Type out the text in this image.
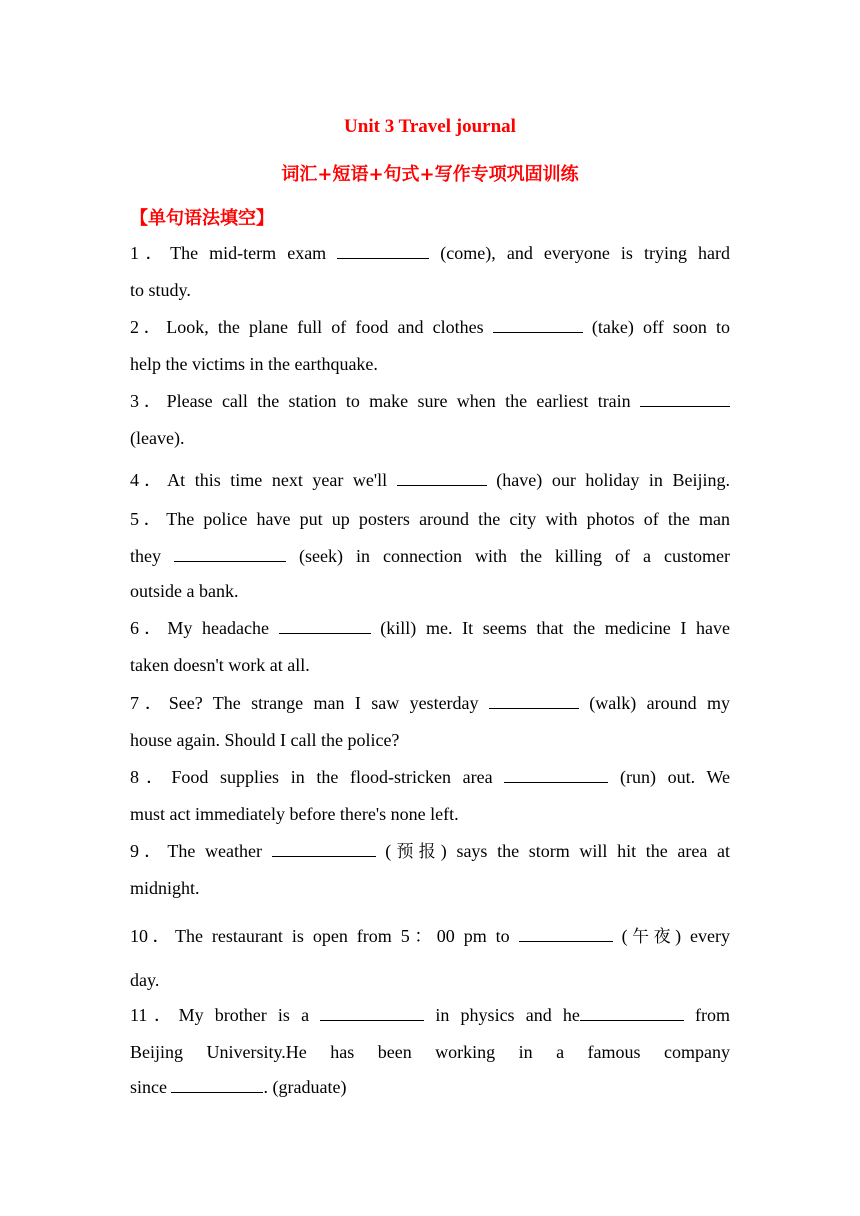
Unit 3 Travel journal
词汇+短语+句式+写作专项巩固训练
【单句语法填空】
1．The mid-term exam	(come), and everyone is trying hard
to study.
2．Look, the plane full of food and clothes	(take) off soon to
help the victims in the earthquake.
3．Please call the station to make sure when the earliest train
(leave).
4．At this time next year we'll	(have) our holiday in Beijing.
5．The police have put up posters around the city with photos of the man
they	(seek) in connection with the killing of a customer
outside a bank.
6．My headache	(kill) me. It seems that the medicine I have
taken doesn't work at all.
7．See? The strange man I saw yesterday	(walk) around my
house again. Should I call the police?
8．Food supplies in the flood-stricken area	(run) out. We
must act immediately before there's none left.
9．The weather	(预报) says the storm will hit the area at
midnight.
10．The restaurant is open from 5：00 pm to	(午夜) every
day.
11．My brother is a	in physics and he	from
Beijing University.He has been working in a famous company
since	. (graduate)
